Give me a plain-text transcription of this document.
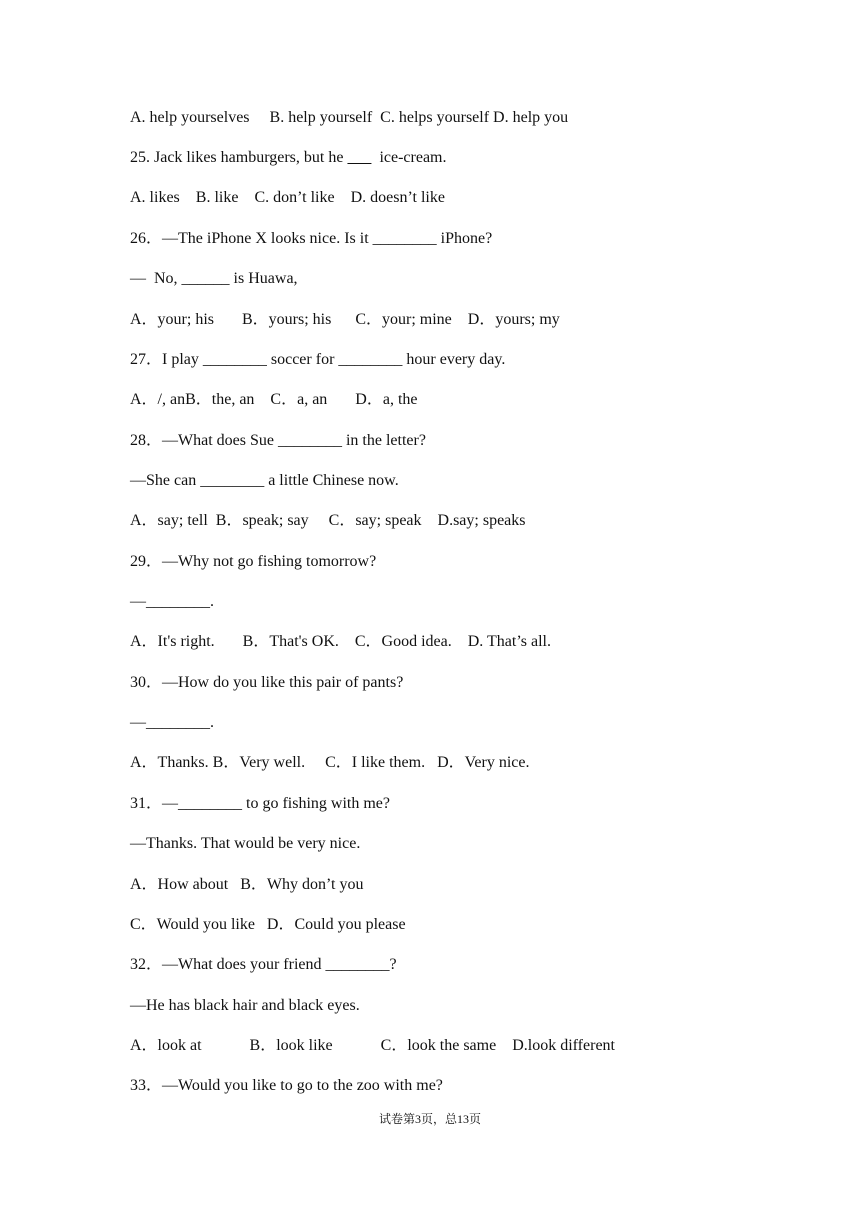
A. help yourselves     B. help yourself  C. helps yourself D. help you
25. Jack likes hamburgers, but he         ice-cream.
A. likes    B. like    C. don’t like    D. doesn’t like
26．—The iPhone X looks nice. Is it ________ iPhone?
—  No, ______ is Huawa,
A．your; his       B．yours; his      C．your; mine    D．yours; my
27．I play ________ soccer for ________ hour every day.
A．/, anB．the, an    C．a, an       D．a, the
28．—What does Sue ________ in the letter?
—She can ________ a little Chinese now.
A．say; tell  B．speak; say     C．say; speak    D.say; speaks
29．—Why not go fishing tomorrow?
—________.
A．It's right.       B．That's OK.    C．Good idea.    D. That’s all.
30．—How do you like this pair of pants?
—________.
A．Thanks. B．Very well.     C．I like them.   D．Very nice.
31．—________ to go fishing with me?
—Thanks. That would be very nice.
A．How about   B．Why don’t you
C．Would you like   D．Could you please
32．—What does your friend ________?
—He has black hair and black eyes.
A．look at            B．look like            C．look the same    D.look different
33．—Would you like to go to the zoo with me?
试卷第3页，总13页
